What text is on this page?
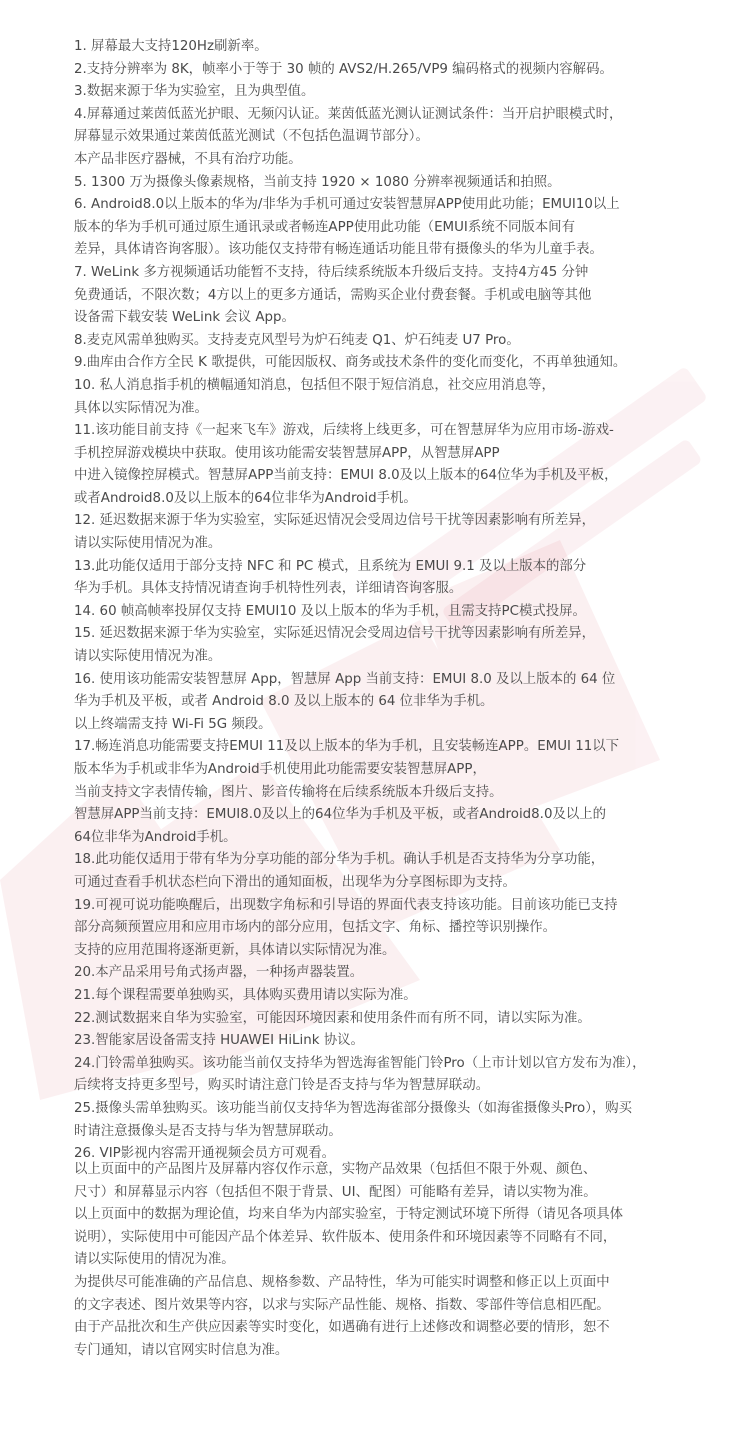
1. 屏幕最大支持120Hz刷新率。
2.支持分辨率为 8K，帧率小于等于 30 帧的 AVS2/H.265/VP9 编码格式的视频内容解码。
3.数据来源于华为实验室，且为典型值。
4.屏幕通过莱茵低蓝光护眼、无频闪认证。莱茵低蓝光测认证测试条件：当开启护眼模式时，
屏幕显示效果通过莱茵低蓝光测试（不包括色温调节部分）。
本产品非医疗器械，不具有治疗功能。
5. 1300 万为摄像头像素规格，当前支持 1920 × 1080 分辨率视频通话和拍照。
6. Android8.0以上版本的华为/非华为手机可通过安装智慧屏APP使用此功能；EMUI10以上
版本的华为手机可通过原生通讯录或者畅连APP使用此功能（EMUI系统不同版本间有
差异，具体请咨询客服）。该功能仅支持带有畅连通话功能且带有摄像头的华为儿童手表。
7. WeLink 多方视频通话功能暂不支持，待后续系统版本升级后支持。支持4方45 分钟
免费通话，不限次数；4方以上的更多方通话，需购买企业付费套餐。手机或电脑等其他
设备需下载安装 WeLink 会议 App。
8.麦克风需单独购买。支持麦克风型号为炉石纯麦 Q1、炉石纯麦 U7 Pro。
9.曲库由合作方全民 K 歌提供，可能因版权、商务或技术条件的变化而变化，不再单独通知。
10. 私人消息指手机的横幅通知消息，包括但不限于短信消息，社交应用消息等，
具体以实际情况为准。
11.该功能目前支持《一起来飞车》游戏，后续将上线更多，可在智慧屏华为应用市场-游戏-
手机控屏游戏模块中获取。使用该功能需安装智慧屏APP，从智慧屏APP
中进入镜像控屏模式。智慧屏APP当前支持：EMUI 8.0及以上版本的64位华为手机及平板，
或者Android8.0及以上版本的64位非华为Android手机。
12. 延迟数据来源于华为实验室，实际延迟情况会受周边信号干扰等因素影响有所差异，
请以实际使用情况为准。
13.此功能仅适用于部分支持 NFC 和 PC 模式，且系统为 EMUI 9.1 及以上版本的部分
华为手机。具体支持情况请查询手机特性列表，详细请咨询客服。
14. 60 帧高帧率投屏仅支持 EMUI10 及以上版本的华为手机，且需支持PC模式投屏。
15. 延迟数据来源于华为实验室，实际延迟情况会受周边信号干扰等因素影响有所差异，
请以实际使用情况为准。
16. 使用该功能需安装智慧屏 App，智慧屏 App 当前支持：EMUI 8.0 及以上版本的 64 位
华为手机及平板，或者 Android 8.0 及以上版本的 64 位非华为手机。
以上终端需支持 Wi-Fi 5G 频段。
17.畅连消息功能需要支持EMUI 11及以上版本的华为手机，且安装畅连APP。EMUI 11以下
版本华为手机或非华为Android手机使用此功能需要安装智慧屏APP，
当前支持文字表情传输，图片、影音传输将在后续系统版本升级后支持。
智慧屏APP当前支持：EMUI8.0及以上的64位华为手机及平板，或者Android8.0及以上的
64位非华为Android手机。
18.此功能仅适用于带有华为分享功能的部分华为手机。确认手机是否支持华为分享功能，
可通过查看手机状态栏向下滑出的通知面板，出现华为分享图标即为支持。
19.可视可说功能唤醒后，出现数字角标和引导语的界面代表支持该功能。目前该功能已支持
部分高频预置应用和应用市场内的部分应用，包括文字、角标、播控等识别操作。
支持的应用范围将逐渐更新，具体请以实际情况为准。
20.本产品采用号角式扬声器，一种扬声器装置。
21.每个课程需要单独购买，具体购买费用请以实际为准。
22.测试数据来自华为实验室，可能因环境因素和使用条件而有所不同，请以实际为准。
23.智能家居设备需支持 HUAWEI HiLink 协议。
24.门铃需单独购买。该功能当前仅支持华为智选海雀智能门铃Pro（上市计划以官方发布为准），
后续将支持更多型号，购买时请注意门铃是否支持与华为智慧屏联动。
25.摄像头需单独购买。该功能当前仅支持华为智选海雀部分摄像头（如海雀摄像头Pro），购买
时请注意摄像头是否支持与华为智慧屏联动。
26. VIP影视内容需开通视频会员方可观看。
以上页面中的产品图片及屏幕内容仅作示意，实物产品效果（包括但不限于外观、颜色、
尺寸）和屏幕显示内容（包括但不限于背景、UI、配图）可能略有差异，请以实物为准。
以上页面中的数据为理论值，均来自华为内部实验室，于特定测试环境下所得（请见各项具体
说明），实际使用中可能因产品个体差异、软件版本、使用条件和环境因素等不同略有不同，
请以实际使用的情况为准。
为提供尽可能准确的产品信息、规格参数、产品特性，华为可能实时调整和修正以上页面中
的文字表述、图片效果等内容，以求与实际产品性能、规格、指数、零部件等信息相匹配。
由于产品批次和生产供应因素等实时变化，如遇确有进行上述修改和调整必要的情形，恕不
专门通知，请以官网实时信息为准。
